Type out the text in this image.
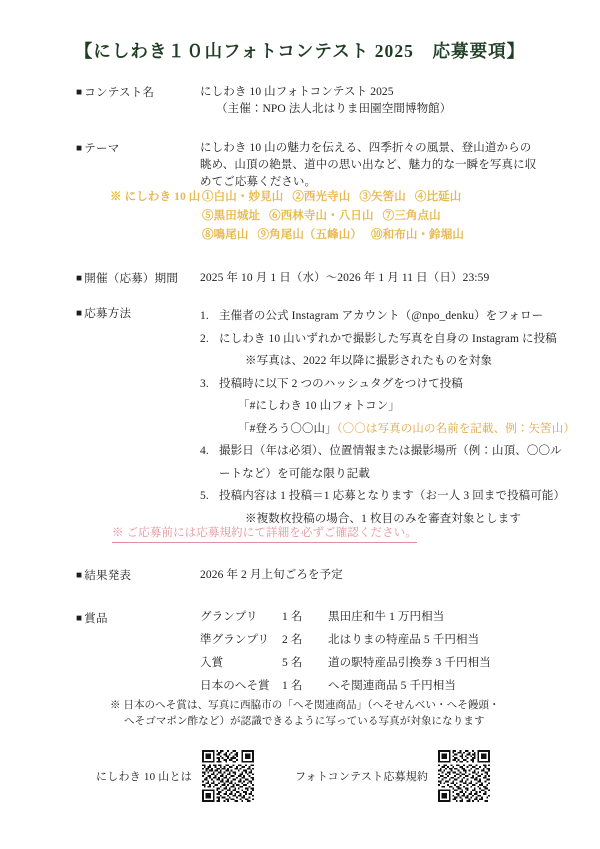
【にしわき１０山フォトコンテスト 2025　応募要項】
■ コンテスト名	にしわき 10 山フォトコンテスト 2025
（主催：NPO 法人北はりま田園空間博物館）
■ テーマ	にしわき 10 山の魅力を伝える、四季折々の風景、登山道からの
眺め、山頂の絶景、道中の思い出など、魅力的な一瞬を写真に収
めてご応募ください。
※ にしわき 10 山 ①白山・妙見山 ②西光寺山 ③矢筈山 ④比延山
⑤黒田城址 ⑥西林寺山・八日山 ⑦三角点山
⑧鳴尾山 ⑨角尾山（五峰山） ⑩和布山・鈴堀山
■ 開催（応募）期間 2025 年 10 月 1 日（水）～2026 年 1 月 11 日（日）23:59
■ 応募方法	1. 主催者の公式 Instagram アカウント（@npo_denku）をフォロー
2. にしわき 10 山いずれかで撮影した写真を自身の Instagram に投稿
※写真は、2022 年以降に撮影されたものを対象
3. 投稿時に以下 2 つのハッシュタグをつけて投稿
「#にしわき 10 山フォトコン」
「#登ろう〇〇山」（〇〇は写真の山の名前を記載、例：矢筈山）
4. 撮影日（年は必須）、位置情報または撮影場所（例：山頂、〇〇ル
ートなど）を可能な限り記載
5. 投稿内容は 1 投稿＝1 応募となります（お一人 3 回まで投稿可能）
※複数枚投稿の場合、1 枚目のみを審査対象とします
※ ご応募前には応募規約にて詳細を必ずご確認ください。
■ 結果発表	2026 年 2 月上旬ごろを予定
■ 賞品	グランプリ	1 名	黒田庄和牛 1 万円相当
準グランプリ	2 名	北はりまの特産品 5 千円相当
入賞	5 名	道の駅特産品引換券 3 千円相当
日本のへそ賞	1 名	へそ関連商品 5 千円相当
※ 日本のへそ賞は、写真に西脇市の「へそ関連商品」（へそせんべい・へそ饅頭・
へそゴマポン酢など）が認識できるように写っている写真が対象になります
にしわき 10 山とは	フォトコンテスト応募規約
